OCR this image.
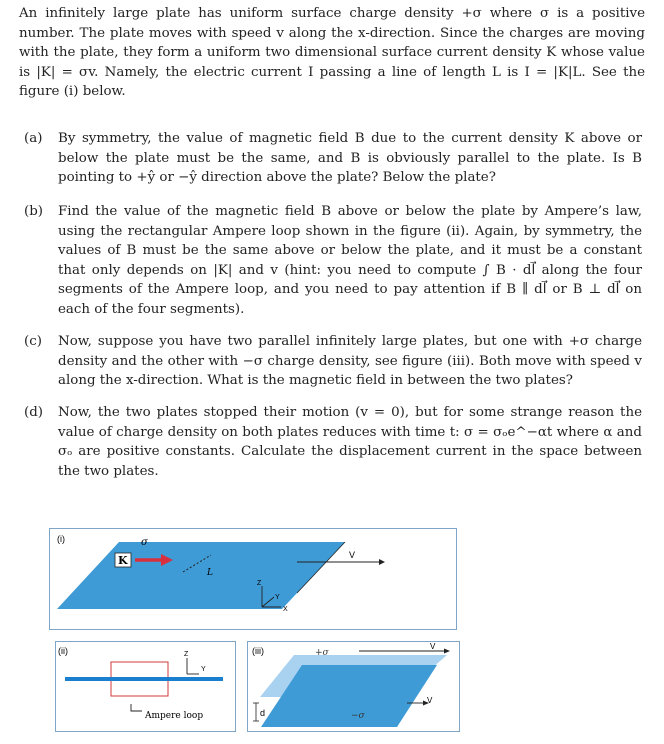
An infinitely large plate has uniform surface charge density +σ where σ is a positive number. The plate moves with speed v along the x-direction. Since the charges are moving with the plate, they form a uniform two dimensional surface current density K whose value is |K| = σv. Namely, the electric current I passing a line of length L is I = |K|L. See the figure (i) below.
(a) By symmetry, the value of magnetic field B due to the current density K above or below the plate must be the same, and B is obviously parallel to the plate. Is B pointing to +ŷ or −ŷ direction above the plate? Below the plate?
(b) Find the value of the magnetic field B above or below the plate by Ampere’s law, using the rectangular Ampere loop shown in the figure (ii). Again, by symmetry, the values of B must be the same above or below the plate, and it must be a constant that only depends on |K| and v (hint: you need to compute ∫ B · dl⃗ along the four segments of the Ampere loop, and you need to pay attention if B ∥ dl⃗ or B ⊥ dl⃗ on each of the four segments).
(c) Now, suppose you have two parallel infinitely large plates, but one with +σ charge density and the other with −σ charge density, see figure (iii). Both move with speed v along the x-direction. What is the magnetic field in between the two plates?
(d) Now, the two plates stopped their motion (v = 0), but for some strange reason the value of charge density on both plates reduces with time t: σ = σₒe^−αt where α and σₒ are positive constants. Calculate the displacement current in the space between the two plates.
(i)
V
σ
K
L
Z
Y
X
(ii)	Z
Y
Ampere loop
(iii)	V
V
+σ
−σ
d
